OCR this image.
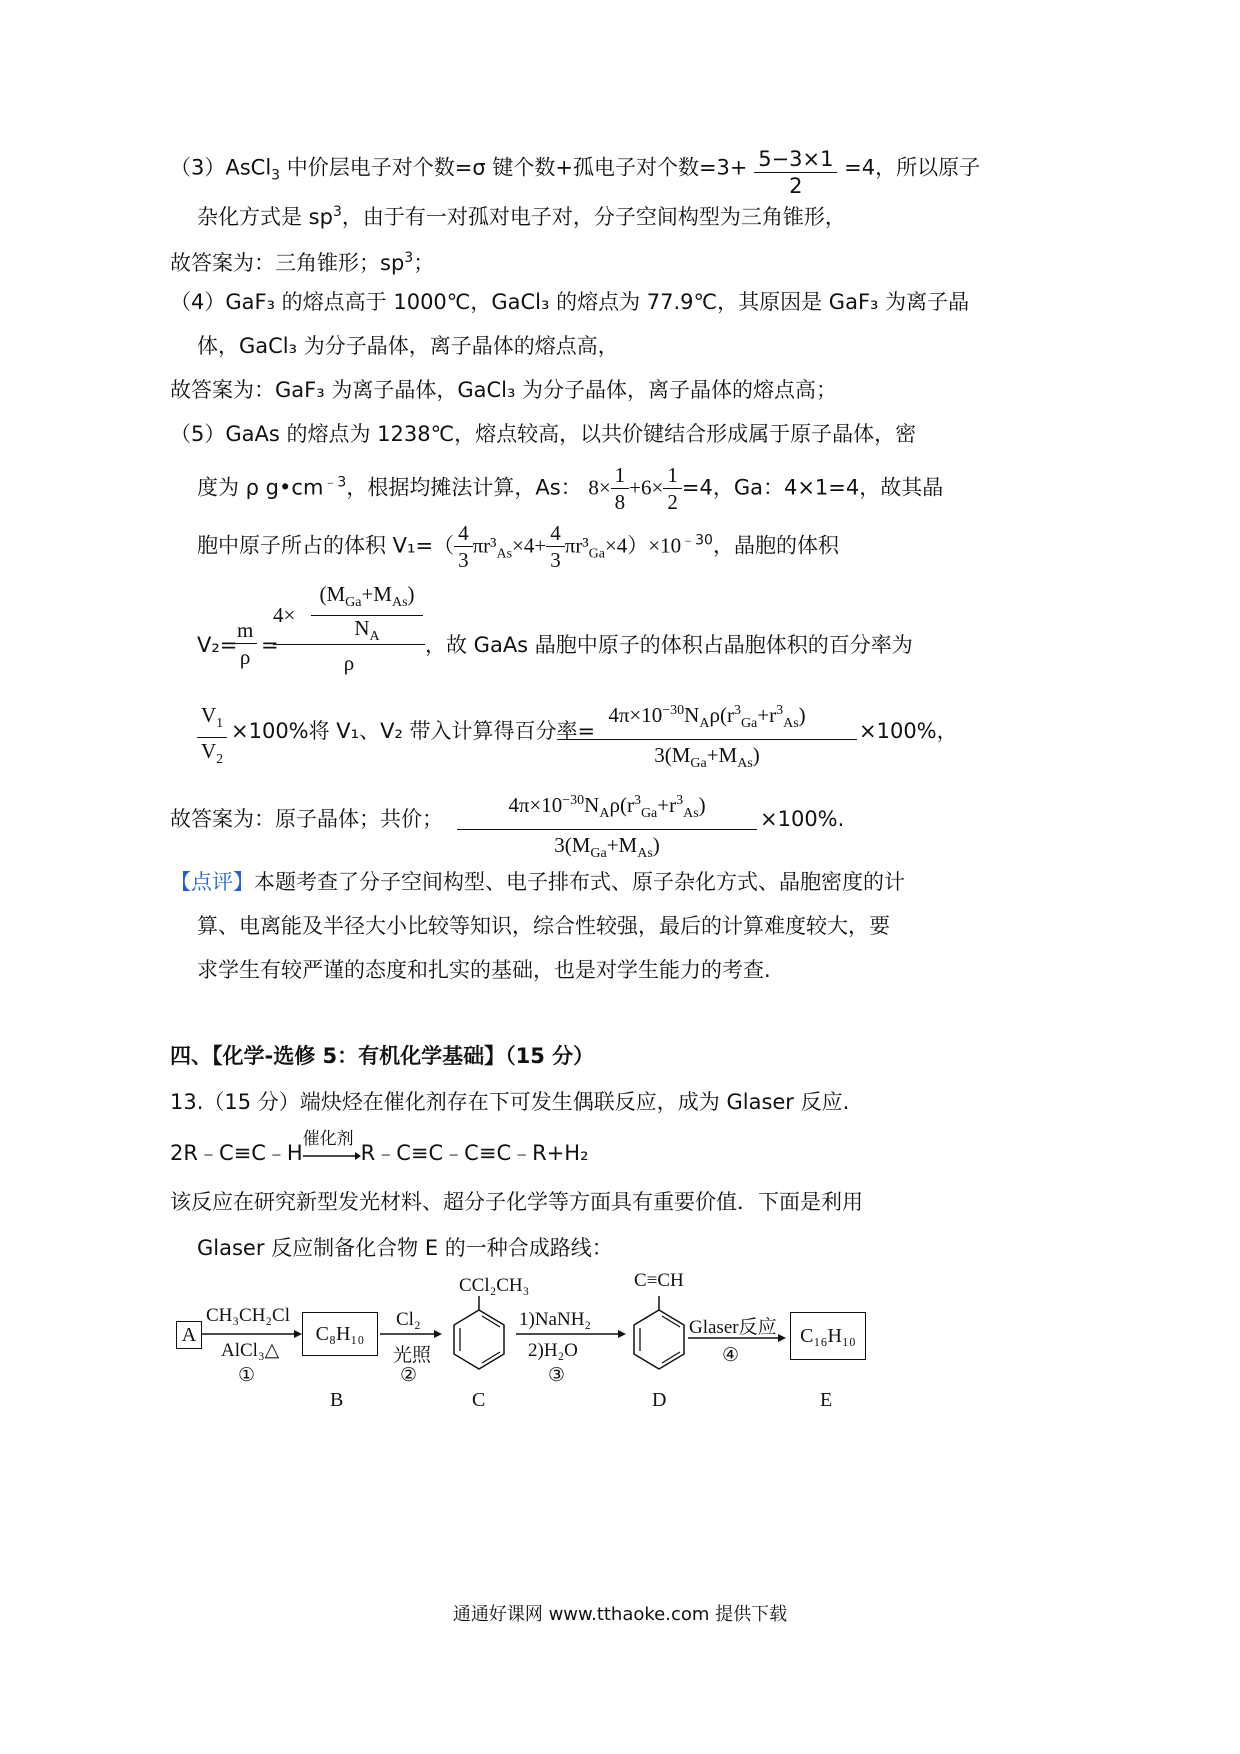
（3）AsCl$_3$ 中价层电子对个数=σ 键个数+孤电子对个数$=3+ \frac{5-3\times 1}{2} =4$，所以原子
杂化方式是 $sp^3$，由于有一对孤对电子对，分子空间构型为三角锥形，
故答案为：三角锥形；$sp^3$；
（4）GaF₃ 的熔点高于 1000℃，GaCl₃ 的熔点为 77.9℃，其原因是 GaF₃ 为离子晶
体，GaCl₃ 为分子晶体，离子晶体的熔点高，
故答案为：GaF₃ 为离子晶体，GaCl₃ 为分子晶体，离子晶体的熔点高；
（5）GaAs 的熔点为 1238℃，熔点较高，以共价键结合形成属于原子晶体，密
度为 ρ $g•cm^{﹣3}$，根据均摊法计算，As： $8\times \frac{1}{8} +6\times \frac{1}{2} =4$，Ga：4×1=4，故其晶
胞中原子所占的体积 $V_1=( \frac{4}{3} \pi r^3_{As}\times 4+ \frac{4}{3} \pi r^3_{Ga}\times 4)\times 10^{﹣30}$，晶胞的体积
V₂=
$\frac{m}{\rho}$ =
4×
$(M_{Ga}+M_{As})$
$N_A$
ρ
，故 GaAs 晶胞中原子的体积占晶胞体积的百分率为
$\frac{V_1}{V_2} \times 100\%$将 V₁、V₂ 带入计算得百分率=
$4\pi\times 10^{-30}N_A\rho(r^3_{Ga}+r^3_{As})$
$3(M_{Ga}+M_{As})$
×100%，
故答案为：原子晶体；共价；
$4\pi\times 10^{-30}N_A\rho(r^3_{Ga}+r^3_{As})$
$3(M_{Ga}+M_{As})$
×100%.
【点评】本题考查了分子空间构型、电子排布式、原子杂化方式、晶胞密度的计
算、电离能及半径大小比较等知识，综合性较强，最后的计算难度较大，要
求学生有较严谨的态度和扎实的基础，也是对学生能力的考查.
四、【化学-选修 5：有机化学基础】（15 分）
13.（15 分）端炔烃在催化剂存在下可发生偶联反应，成为 Glaser 反应.
2R﹣C≡C﹣H
催化剂
R﹣C≡C﹣C≡C﹣R+H₂
该反应在研究新型发光材料、超分子化学等方面具有重要价值．下面是利用
Glaser 反应制备化合物 E 的一种合成路线：
A
CH₃CH₂Cl
AlCl₃△
①
C₈H₁₀
B
Cl₂
光照
②
CCl₂CH₃
C
1)NaNH₂
2)H₂O
③
C≡CH
D
Glaser反应
④
C₁₆H₁₀
E
通通好课网 www.tthaoke.com 提供下载
